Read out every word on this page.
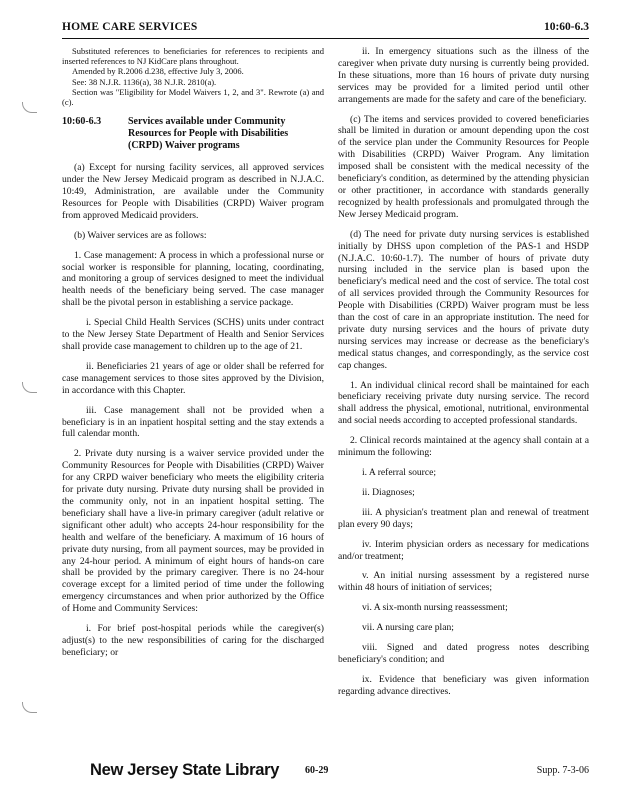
HOME CARE SERVICES	10:60-6.3
Substituted references to beneficiaries for references to recipients and inserted references to NJ KidCare plans throughout.
Amended by R.2006 d.238, effective July 3, 2006.
See: 38 N.J.R. 1136(a), 38 N.J.R. 2810(a).
Section was "Eligibility for Model Waivers 1, 2, and 3". Rewrote (a) and (c).
10:60-6.3	Services available under Community Resources for People with Disabilities (CRPD) Waiver programs

(a) Except for nursing facility services, all approved services under the New Jersey Medicaid program as described in N.J.A.C. 10:49, Administration, are available under the Community Resources for People with Disabilities (CRPD) Waiver program from approved Medicaid providers.

(b) Waiver services are as follows:

1. Case management: A process in which a professional nurse or social worker is responsible for planning, locating, coordinating, and monitoring a group of services designed to meet the individual health needs of the beneficiary being served. The case manager shall be the pivotal person in establishing a service package.

i. Special Child Health Services (SCHS) units under contract to the New Jersey State Department of Health and Senior Services shall provide case management to children up to the age of 21.

ii. Beneficiaries 21 years of age or older shall be referred for case management services to those sites approved by the Division, in accordance with this Chapter.

iii. Case management shall not be provided when a beneficiary is in an inpatient hospital setting and the stay extends a full calendar month.

2. Private duty nursing is a waiver service provided under the Community Resources for People with Disabilities (CRPD) Waiver for any CRPD waiver beneficiary who meets the eligibility criteria for private duty nursing. Private duty nursing shall be provided in the community only, not in an inpatient hospital setting. The beneficiary shall have a live-in primary caregiver (adult relative or significant other adult) who accepts 24-hour responsibility for the health and welfare of the beneficiary. A maximum of 16 hours of private duty nursing, from all payment sources, may be provided in any 24-hour period. A minimum of eight hours of hands-on care shall be provided by the primary caregiver. There is no 24-hour coverage except for a limited period of time under the following emergency circumstances and when prior authorized by the Office of Home and Community Services:

i. For brief post-hospital periods while the caregiver(s) adjust(s) to the new responsibilities of caring for the discharged beneficiary; or

ii. In emergency situations such as the illness of the caregiver when private duty nursing is currently being provided. In these situations, more than 16 hours of private duty nursing services may be provided for a limited period until other arrangements are made for the safety and care of the beneficiary.

(c) The items and services provided to covered beneficiaries shall be limited in duration or amount depending upon the cost of the service plan under the Community Resources for People with Disabilities (CRPD) Waiver Program. Any limitation imposed shall be consistent with the medical necessity of the beneficiary's condition, as determined by the attending physician or other practitioner, in accordance with standards generally recognized by health professionals and promulgated through the New Jersey Medicaid program.

(d) The need for private duty nursing services is established initially by DHSS upon completion of the PAS-1 and HSDP (N.J.A.C. 10:60-1.7). The number of hours of private duty nursing included in the service plan is based upon the beneficiary's medical need and the cost of service. The total cost of all services provided through the Community Resources for People with Disabilities (CRPD) Waiver program must be less than the cost of care in an appropriate institution. The need for private duty nursing services and the hours of private duty nursing services may increase or decrease as the beneficiary's medical status changes, and correspondingly, as the service cost cap changes.

1. An individual clinical record shall be maintained for each beneficiary receiving private duty nursing service. The record shall address the physical, emotional, nutritional, environmental and social needs according to accepted professional standards.

2. Clinical records maintained at the agency shall contain at a minimum the following:

i. A referral source;

ii. Diagnoses;

iii. A physician's treatment plan and renewal of treatment plan every 90 days;

iv. Interim physician orders as necessary for medications and/or treatment;

v. An initial nursing assessment by a registered nurse within 48 hours of initiation of services;

vi. A six-month nursing reassessment;

vii. A nursing care plan;

viii. Signed and dated progress notes describing beneficiary's condition; and

ix. Evidence that beneficiary was given information regarding advance directives.

New Jersey State Library	60-29	Supp. 7-3-06
